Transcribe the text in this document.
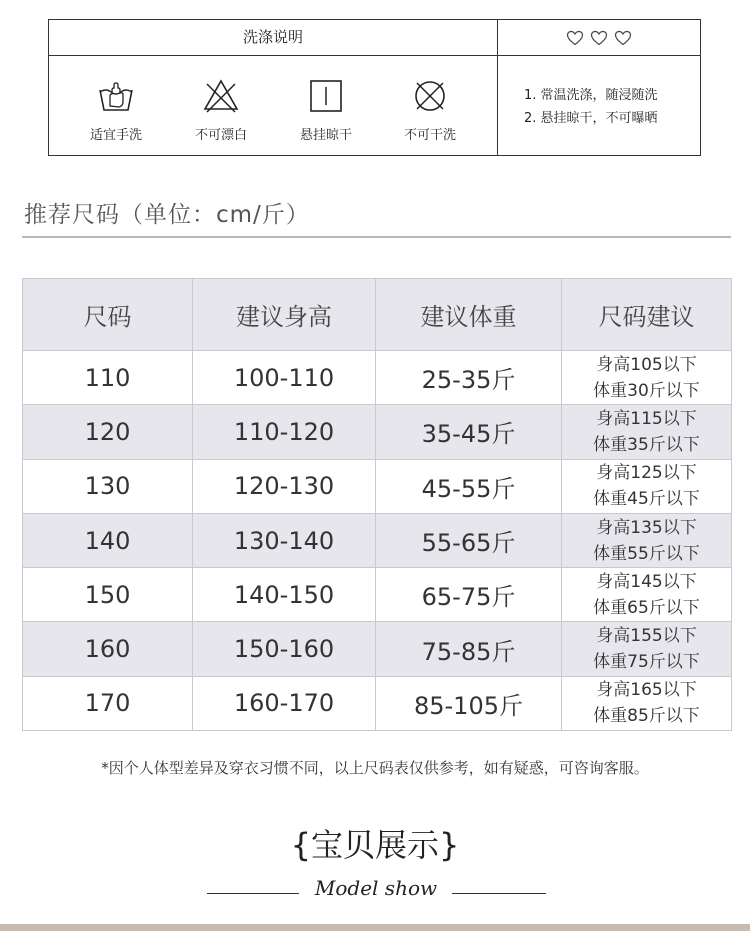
洗涤说明
适宜手洗	不可漂白	悬挂晾干	不可干洗
1. 常温洗涤，随浸随洗
2. 悬挂晾干，不可曝晒
推荐尺码（单位：cm/斤）
尺码	建议身高	建议体重	尺码建议
110	100-110	25-35斤	身高105以下
体重30斤以下

120	110-120	35-45斤	身高115以下
体重35斤以下

130	120-130	45-55斤	身高125以下
体重45斤以下

140	130-140	55-65斤	身高135以下
体重55斤以下

150	140-150	65-75斤	身高145以下
体重65斤以下

160	150-160	75-85斤	身高155以下
体重75斤以下

170	160-170	85-105斤	身高165以下
体重85斤以下
*因个人体型差异及穿衣习惯不同，以上尺码表仅供参考，如有疑惑，可咨询客服。
{宝贝展示}
Model show
